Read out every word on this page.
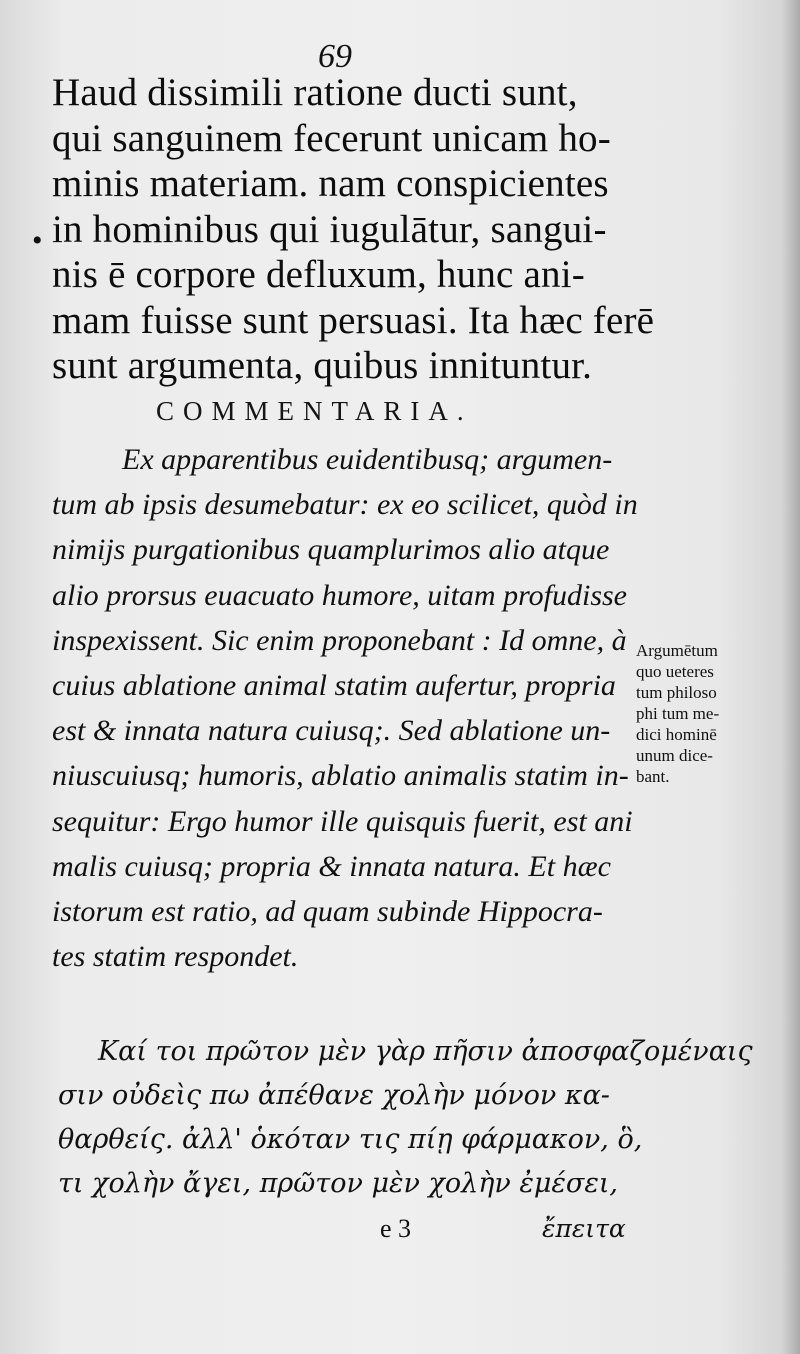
69
•
Haud dissimili ratione ducti sunt,
qui sanguinem fecerunt unicam ho-
minis materiam. nam conspicientes
in hominibus qui iugulātur, sangui-
nis ē corpore defluxum, hunc ani-
mam fuisse sunt persuasi. Ita hæc ferē
sunt argumenta, quibus innituntur.
COMMENTARIA.
Ex apparentibus euidentibusq; argumen-
tum ab ipsis desumebatur: ex eo scilicet, quòd in
nimijs purgationibus quamplurimos alio atque
alio prorsus euacuato humore, uitam profudisse
inspexissent. Sic enim proponebant : Id omne, à
cuius ablatione animal statim aufertur, propria
est & innata natura cuiusq;. Sed ablatione un-
niuscuiusq; humoris, ablatio animalis statim in-
sequitur: Ergo humor ille quisquis fuerit, est ani
malis cuiusq; propria & innata natura. Et hæc
istorum est ratio, ad quam subinde Hippocra-
tes statim respondet.
Argumētum
quo ueteres
tum philoso
phi tum me-
dici hominē
unum dice-
bant.
Καί τοι πρῶτον μὲν γὰρ πῆσιν ἀποσφαζομέναις
σιν οὐδεὶς πω ἀπέθανε χολὴν μόνον κα-
θαρθείς. ἀλλ' ὁκόταν τις πίῃ φάρμακον, ὃ,
τι χολὴν ἄγει, πρῶτον μὲν χολὴν ἐμέσει,
e 3	ἔπειτα
